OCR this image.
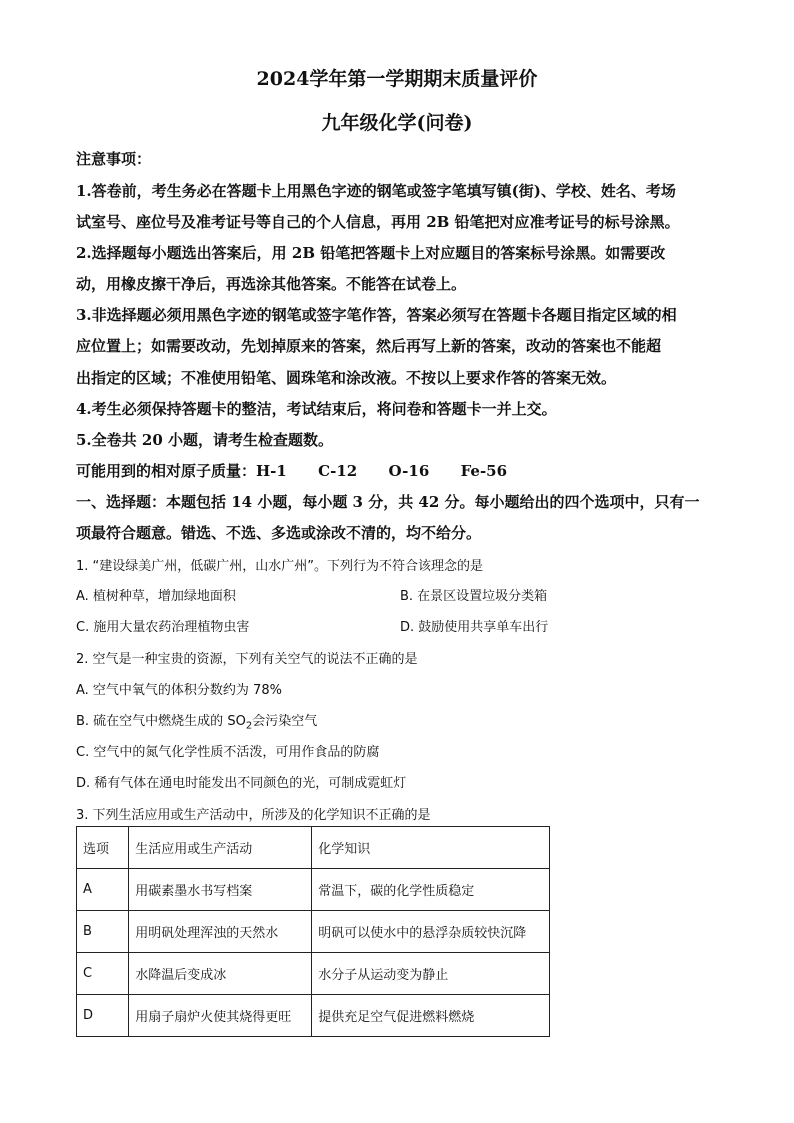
2024学年第一学期期末质量评价
九年级化学(问卷)
注意事项：
1.答卷前，考生务必在答题卡上用黑色字迹的钢笔或签字笔填写镇(街)、学校、姓名、考场
试室号、座位号及准考证号等自己的个人信息，再用 2B 铅笔把对应准考证号的标号涂黑。
2.选择题每小题选出答案后，用 2B 铅笔把答题卡上对应题目的答案标号涂黑。如需要改
动，用橡皮擦干净后，再选涂其他答案。不能答在试卷上。
3.非选择题必须用黑色字迹的钢笔或签字笔作答，答案必须写在答题卡各题目指定区域的相
应位置上；如需要改动，先划掉原来的答案，然后再写上新的答案，改动的答案也不能超
出指定的区域；不准使用铅笔、圆珠笔和涂改液。不按以上要求作答的答案无效。
4.考生必须保持答题卡的整洁，考试结束后，将问卷和答题卡一并上交。
5.全卷共 20 小题，请考生检查题数。
可能用到的相对原子质量：H-1      C-12      O-16      Fe-56
一、选择题：本题包括 14 小题，每小题 3 分，共 42 分。每小题给出的四个选项中，只有一
项最符合题意。错选、不选、多选或涂改不清的，均不给分。
1. “建设绿美广州，低碳广州，山水广州”。下列行为不符合该理念的是
A. 植树种草，增加绿地面积	B. 在景区设置垃圾分类箱
C. 施用大量农药治理植物虫害	D. 鼓励使用共享单车出行
2. 空气是一种宝贵的资源，下列有关空气的说法不正确的是
A. 空气中氧气的体积分数约为 78%
B. 硫在空气中燃烧生成的 $SO_2$会污染空气
C. 空气中的氮气化学性质不活泼，可用作食品的防腐
D. 稀有气体在通电时能发出不同颜色的光，可制成霓虹灯
3. 下列生活应用或生产活动中，所涉及的化学知识不正确的是
选项	生活应用或生产活动	化学知识
A	用碳素墨水书写档案	常温下，碳的化学性质稳定
B	用明矾处理浑浊的天然水	明矾可以使水中的悬浮杂质较快沉降
C	水降温后变成冰	水分子从运动变为静止
D	用扇子扇炉火使其烧得更旺	提供充足空气促进燃料燃烧
